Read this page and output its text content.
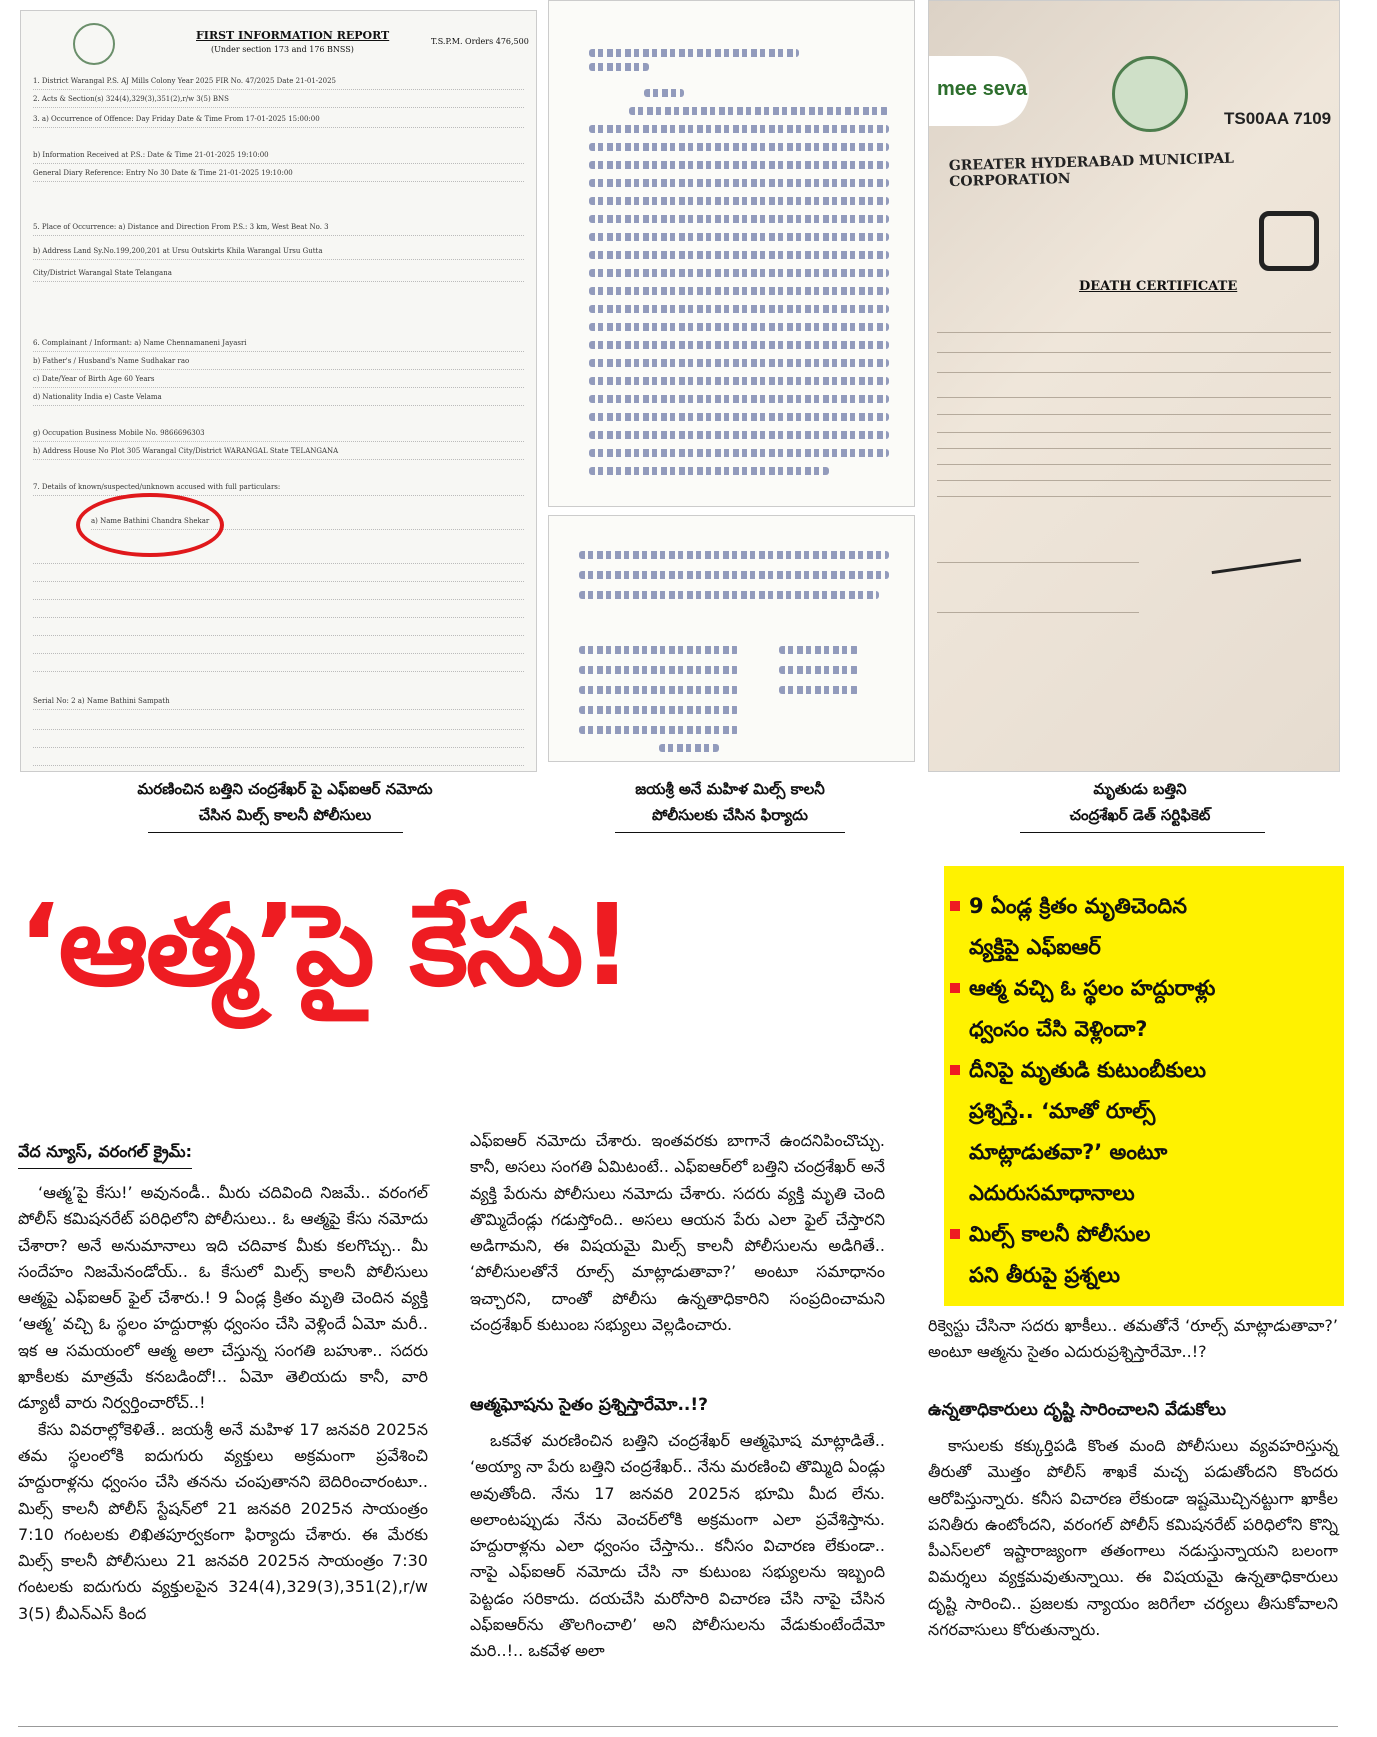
FIRST INFORMATION REPORT
(Under section 173 and 176 BNSS)
T.S.P.M. Orders 476,500
1. District Warangal P.S. AJ Mills Colony Year 2025 FIR No. 47/2025 Date 21-01-2025
2. Acts & Section(s) 324(4),329(3),351(2),r/w 3(5) BNS
3. a) Occurrence of Offence: Day Friday Date & Time From 17-01-2025 15:00:00
b) Information Received at P.S.: Date & Time 21-01-2025 19:10:00
General Diary Reference: Entry No 30 Date & Time 21-01-2025 19:10:00
5. Place of Occurrence: a) Distance and Direction From P.S.: 3 km, West Beat No. 3
b) Address Land Sy.No.199,200,201 at Ursu Outskirts Khila Warangal Ursu Gutta
City/District Warangal State Telangana
6. Complainant / Informant: a) Name Chennamaneni Jayasri
b) Father's / Husband's Name Sudhakar rao
c) Date/Year of Birth Age 60 Years
d) Nationality India e) Caste Velama
g) Occupation Business Mobile No. 9866696303
h) Address House No Plot 305 Warangal City/District WARANGAL State TELANGANA
7. Details of known/suspected/unknown accused with full particulars:
a) Name Bathini Chandra Shekar
Serial No: 2 a) Name Bathini Sampath
mee seva
TS00AA 7109
GREATER HYDERABAD MUNICIPAL CORPORATION
DEATH CERTIFICATE
మరణించిన బత్తిని చంద్రశేఖర్ పై ఎఫ్ఐఆర్ నమోదు
చేసిన మిల్స్ కాలనీ పోలీసులు
జయశ్రీ అనే మహిళ మిల్స్ కాలనీ
పోలీసులకు చేసిన ఫిర్యాదు
మృతుడు బత్తిని
చంద్రశేఖర్ డెత్ సర్టిఫికెట్
‘ఆత్మ’పై కేసు!	9 ఏండ్ల క్రితం మృతిచెందిన
వ్యక్తిపై ఎఫ్ఐఆర్
ఆత్మ వచ్చి ఓ స్థలం హద్దురాళ్లు
ధ్వంసం చేసి వెళ్లిందా?
దీనిపై మృతుడి కుటుంబీకులు
ప్రశ్నిస్తే.. ‘మాతో రూల్స్
మాట్లాడుతవా?’ అంటూ
ఎదురుసమాధానాలు
మిల్స్ కాలనీ పోలీసుల
పని తీరుపై ప్రశ్నలు
వేద న్యూస్, వరంగల్ క్రైమ్:

‘ఆత్మ’పై కేసు!’ అవునండీ.. మీరు చదివింది నిజమే.. వరంగల్ పోలీస్ కమిషనరేట్ పరిధిలోని పోలీసులు.. ఓ ఆత్మపై కేసు నమోదు చేశారా? అనే అనుమానాలు ఇది చదివాక మీకు కలగొచ్చు.. మీ సందేహం నిజమేనండోయ్.. ఓ కేసులో మిల్స్ కాలనీ పోలీసులు ఆత్మపై ఎఫ్ఐఆర్ ఫైల్ చేశారు.! 9 ఏండ్ల క్రితం మృతి చెందిన వ్యక్తి ‘ఆత్మ’ వచ్చి ఓ స్థలం హద్దురాళ్లు ధ్వంసం చేసి వెళ్లిందే ఏమో మరీ.. ఇక ఆ సమయంలో ఆత్మ అలా చేస్తున్న సంగతి బహుశా.. సదరు ఖాకీలకు మాత్రమే కనబడిందో!.. ఏమో తెలియదు కానీ, వారి డ్యూటీ వారు నిర్వర్తించారోచ్..!

కేసు వివరాల్లోకెళితే.. జయశ్రీ అనే మహిళ 17 జనవరి 2025న తమ స్థలంలోకి ఐదుగురు వ్యక్తులు అక్రమంగా ప్రవేశించి హద్దురాళ్లను ధ్వంసం చేసి తనను చంపుతానని బెదిరించారంటూ.. మిల్స్ కాలనీ పోలీస్ స్టేషన్‌లో 21 జనవరి 2025న సాయంత్రం 7:10 గంటలకు లిఖితపూర్వకంగా ఫిర్యాదు చేశారు. ఈ మేరకు మిల్స్ కాలనీ పోలీసులు 21 జనవరి 2025న సాయంత్రం 7:30 గంటలకు ఐదుగురు వ్యక్తులపైన 324(4),329(3),351(2),r/w 3(5) బీఎన్ఎస్ కింద

ఎఫ్ఐఆర్ నమోదు చేశారు. ఇంతవరకు బాగానే ఉందనిపించొచ్చు. కానీ, అసలు సంగతి ఏమిటంటే.. ఎఫ్ఐఆర్‌లో బత్తిని చంద్రశేఖర్ అనే వ్యక్తి పేరును పోలీసులు నమోదు చేశారు. సదరు వ్యక్తి మృతి చెంది తొమ్మిదేండ్లు గడుస్తోంది.. అసలు ఆయన పేరు ఎలా ఫైల్ చేస్తారని అడిగామని, ఈ విషయమై మిల్స్ కాలనీ పోలీసులను అడిగితే.. ‘పోలీసులతోనే రూల్స్ మాట్లాడుతావా?’ అంటూ సమాధానం ఇచ్చారని, దాంతో పోలీసు ఉన్నతాధికారిని సంప్రదించామని చంద్రశేఖర్ కుటుంబ సభ్యులు వెల్లడించారు.

ఆత్మఘోషను సైతం ప్రశ్నిస్తారేమో..!?

ఒకవేళ మరణించిన బత్తిని చంద్రశేఖర్ ఆత్మఘోష మాట్లాడితే.. ‘అయ్యా నా పేరు బత్తిని చంద్రశేఖర్.. నేను మరణించి తొమ్మిది ఏండ్లు అవుతోంది. నేను 17 జనవరి 2025న భూమి మీద లేను. అలాంటప్పుడు నేను వెంచర్‌లోకి అక్రమంగా ఎలా ప్రవేశిస్తాను. హద్దురాళ్లను ఎలా ధ్వంసం చేస్తాను.. కనీసం విచారణ లేకుండా.. నాపై ఎఫ్ఐఆర్ నమోదు చేసి నా కుటుంబ సభ్యులను ఇబ్బంది పెట్టడం సరికాదు. దయచేసి మరోసారి విచారణ చేసి నాపై చేసిన ఎఫ్ఐఆర్‌ను తొలగించాలి’ అని పోలీసులను వేడుకుంటేందేమో మరి..!.. ఒకవేళ అలా

రిక్వెస్టు చేసినా సదరు ఖాకీలు.. తమతోనే ‘రూల్స్ మాట్లాడుతావా?’ అంటూ ఆత్మను సైతం ఎదురుప్రశ్నిస్తారేమో..!?

ఉన్నతాధికారులు దృష్టి సారించాలని వేడుకోలు

కాసులకు కక్కుర్తిపడి కొంత మంది పోలీసులు వ్యవహరిస్తున్న తీరుతో మొత్తం పోలీస్ శాఖకే మచ్చ పడుతోందని కొందరు ఆరోపిస్తున్నారు. కనీస విచారణ లేకుండా ఇష్టమొచ్చినట్టుగా ఖాకీల పనితీరు ఉంటోందని, వరంగల్ పోలీస్ కమిషనరేట్ పరిధిలోని కొన్ని పీఎస్‌లలో ఇష్టారాజ్యంగా తతంగాలు నడుస్తున్నాయని బలంగా విమర్శలు వ్యక్తమవుతున్నాయి. ఈ విషయమై ఉన్నతాధికారులు దృష్టి సారించి.. ప్రజలకు న్యాయం జరిగేలా చర్యలు తీసుకోవాలని నగరవాసులు కోరుతున్నారు.
